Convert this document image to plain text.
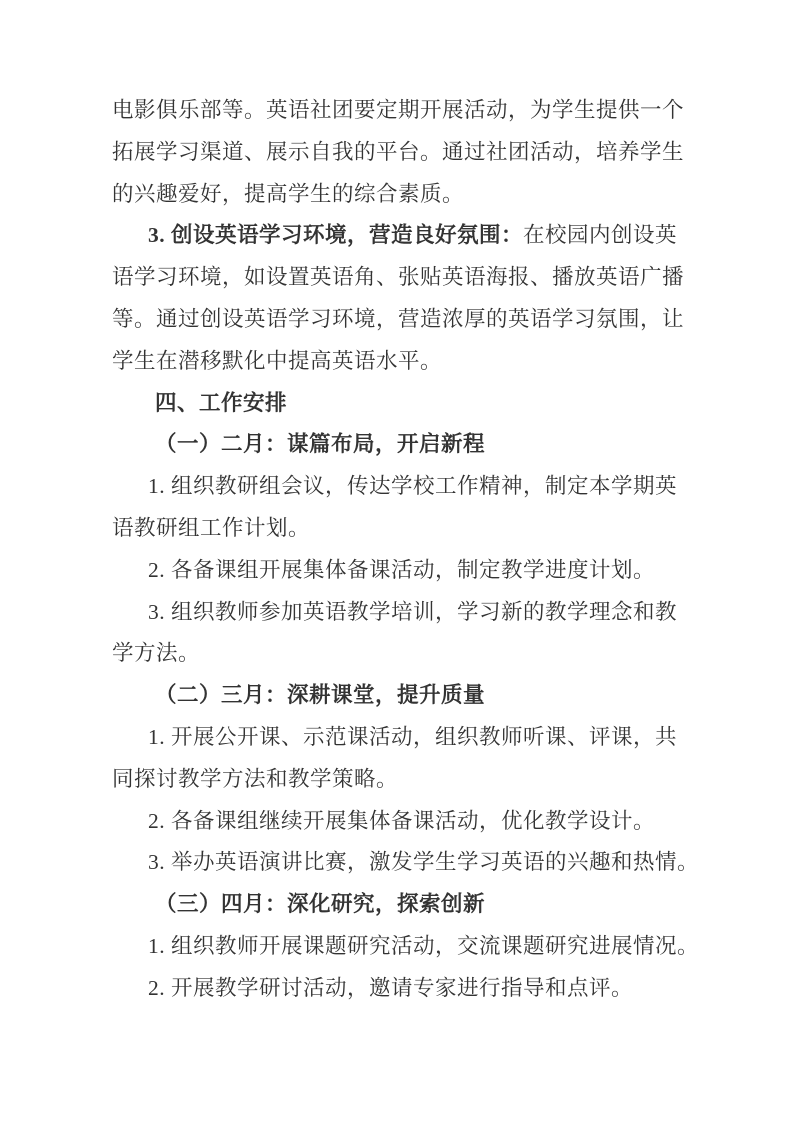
电影俱乐部等。英语社团要定期开展活动，为学生提供一个
拓展学习渠道、展示自我的平台。通过社团活动，培养学生
的兴趣爱好，提高学生的综合素质。
3. 创设英语学习环境，营造良好氛围：在校园内创设英
语学习环境，如设置英语角、张贴英语海报、播放英语广播
等。通过创设英语学习环境，营造浓厚的英语学习氛围，让
学生在潜移默化中提高英语水平。
四、工作安排
（一）二月：谋篇布局，开启新程
1. 组织教研组会议，传达学校工作精神，制定本学期英
语教研组工作计划。
2. 各备课组开展集体备课活动，制定教学进度计划。
3. 组织教师参加英语教学培训，学习新的教学理念和教
学方法。
（二）三月：深耕课堂，提升质量
1. 开展公开课、示范课活动，组织教师听课、评课，共
同探讨教学方法和教学策略。
2. 各备课组继续开展集体备课活动，优化教学设计。
3. 举办英语演讲比赛，激发学生学习英语的兴趣和热情。
（三）四月：深化研究，探索创新
1. 组织教师开展课题研究活动，交流课题研究进展情况。
2. 开展教学研讨活动，邀请专家进行指导和点评。
